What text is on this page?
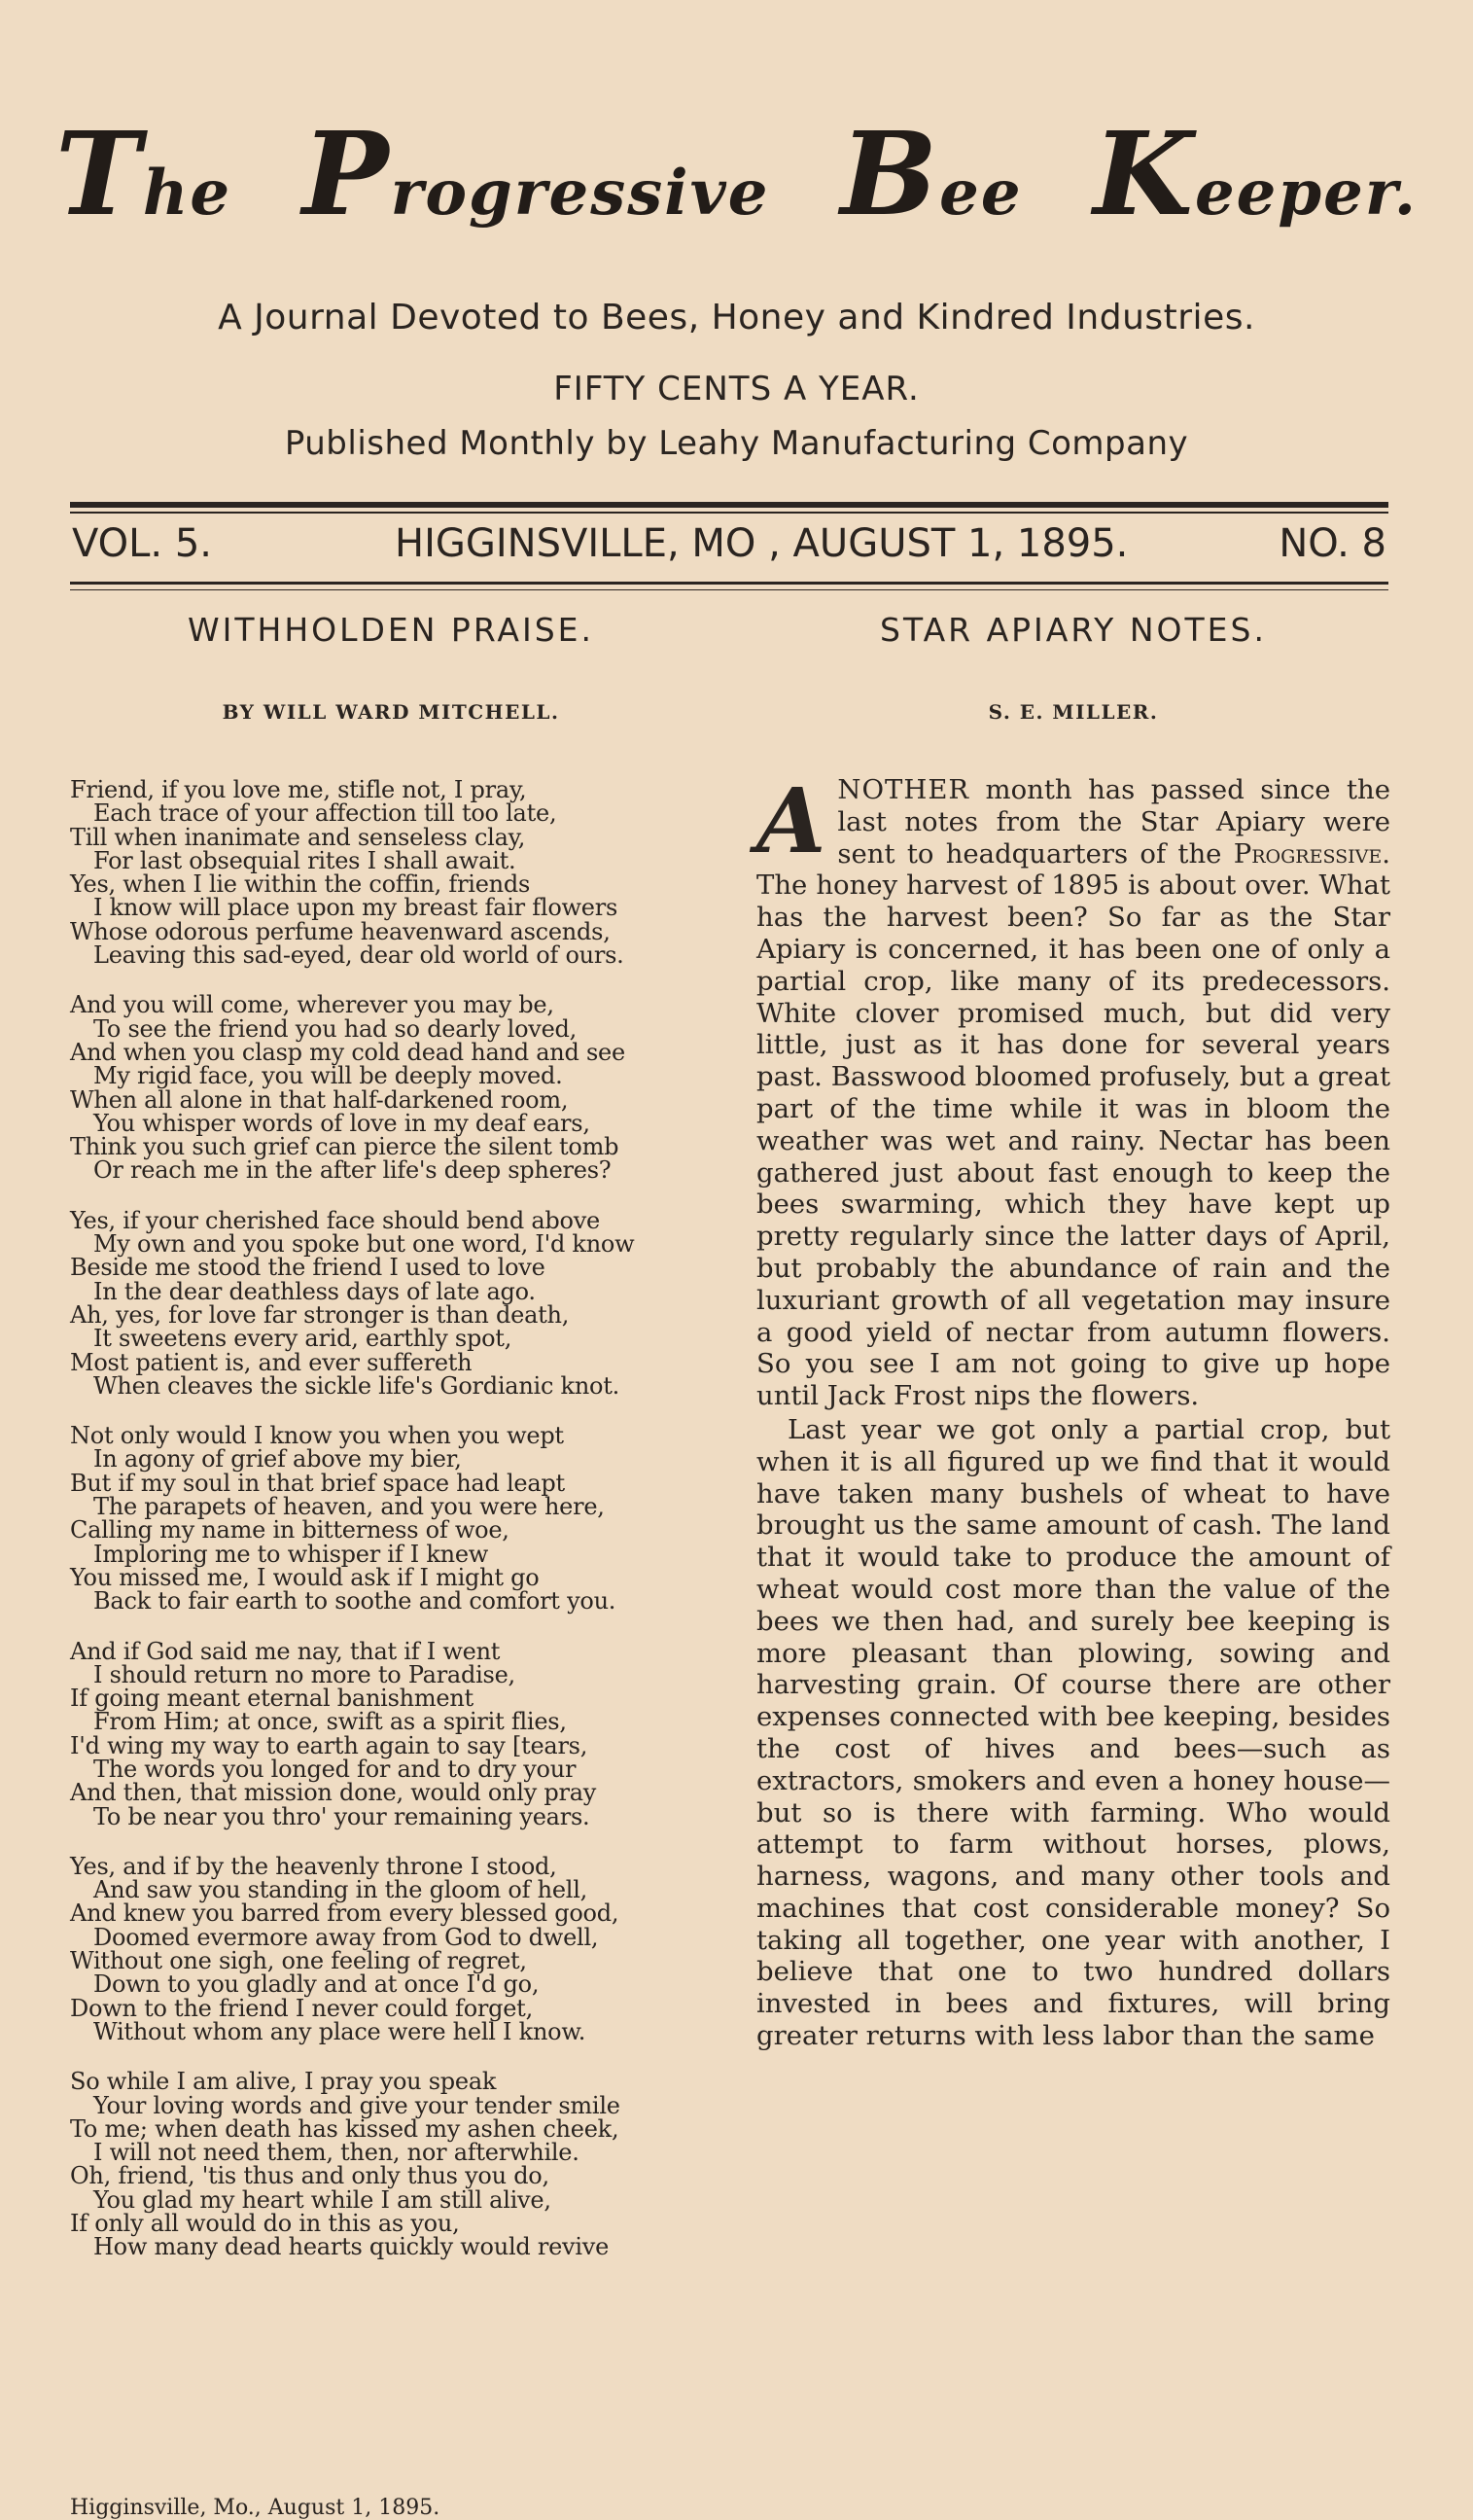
The Progressive Bee Keeper.
A Journal Devoted to Bees, Honey and Kindred Industries.
FIFTY CENTS A YEAR.
Published Monthly by Leahy Manufacturing Company
VOL. 5.	HIGGINSVILLE, MO , AUGUST 1, 1895.	NO. 8
WITHHOLDEN PRAISE.
BY WILL WARD MITCHELL.
Friend, if you love me, stifle not, I pray,
Each trace of your affection till too late,
Till when inanimate and senseless clay,
For last obsequial rites I shall await.
Yes, when I lie within the coffin, friends
I know will place upon my breast fair flowers
Whose odorous perfume heavenward ascends,
Leaving this sad-eyed, dear old world of ours.
And you will come, wherever you may be,
To see the friend you had so dearly loved,
And when you clasp my cold dead hand and see
My rigid face, you will be deeply moved.
When all alone in that half-darkened room,
You whisper words of love in my deaf ears,
Think you such grief can pierce the silent tomb
Or reach me in the after life's deep spheres?
Yes, if your cherished face should bend above
My own and you spoke but one word, I'd know
Beside me stood the friend I used to love
In the dear deathless days of late ago.
Ah, yes, for love far stronger is than death,
It sweetens every arid, earthly spot,
Most patient is, and ever suffereth
When cleaves the sickle life's Gordianic knot.
Not only would I know you when you wept
In agony of grief above my bier,
But if my soul in that brief space had leapt
The parapets of heaven, and you were here,
Calling my name in bitterness of woe,
Imploring me to whisper if I knew
You missed me, I would ask if I might go
Back to fair earth to soothe and comfort you.
And if God said me nay, that if I went
I should return no more to Paradise,
If going meant eternal banishment
From Him; at once, swift as a spirit flies,
I'd wing my way to earth again to say [tears,
The words you longed for and to dry your
And then, that mission done, would only pray
To be near you thro' your remaining years.
Yes, and if by the heavenly throne I stood,
And saw you standing in the gloom of hell,
And knew you barred from every blessed good,
Doomed evermore away from God to dwell,
Without one sigh, one feeling of regret,
Down to you gladly and at once I'd go,
Down to the friend I never could forget,
Without whom any place were hell I know.
So while I am alive, I pray you speak
Your loving words and give your tender smile
To me; when death has kissed my ashen cheek,
I will not need them, then, nor afterwhile.
Oh, friend, 'tis thus and only thus you do,
You glad my heart while I am still alive,
If only all would do in this as you,
How many dead hearts quickly would revive
Higginsville, Mo., August 1, 1895.
STAR APIARY NOTES.
S. E. MILLER.

ANOTHER month has passed since the last notes from the Star Apiary were sent to headquarters of the Progressive. The honey harvest of 1895 is about over. What has the harvest been? So far as the Star Apiary is concerned, it has been one of only a partial crop, like many of its predecessors. White clover promised much, but did very little, just as it has done for several years past. Basswood bloomed profusely, but a great part of the time while it was in bloom the weather was wet and rainy. Nectar has been gathered just about fast enough to keep the bees swarming, which they have kept up pretty regularly since the latter days of April, but probably the abundance of rain and the luxuriant growth of all vegetation may insure a good yield of nectar from autumn flowers. So you see I am not going to give up hope until Jack Frost nips the flowers.

Last year we got only a partial crop, but when it is all figured up we find that it would have taken many bushels of wheat to have brought us the same amount of cash. The land that it would take to produce the amount of wheat would cost more than the value of the bees we then had, and surely bee keeping is more pleasant than plowing, sowing and harvesting grain. Of course there are other expenses connected with bee keeping, besides the cost of hives and bees—such as extractors, smokers and even a honey house—but so is there with farming. Who would attempt to farm without horses, plows, harness, wagons, and many other tools and machines that cost considerable money? So taking all together, one year with another, I believe that one to two hundred dollars invested in bees and fixtures, will bring greater returns with less labor than the same
